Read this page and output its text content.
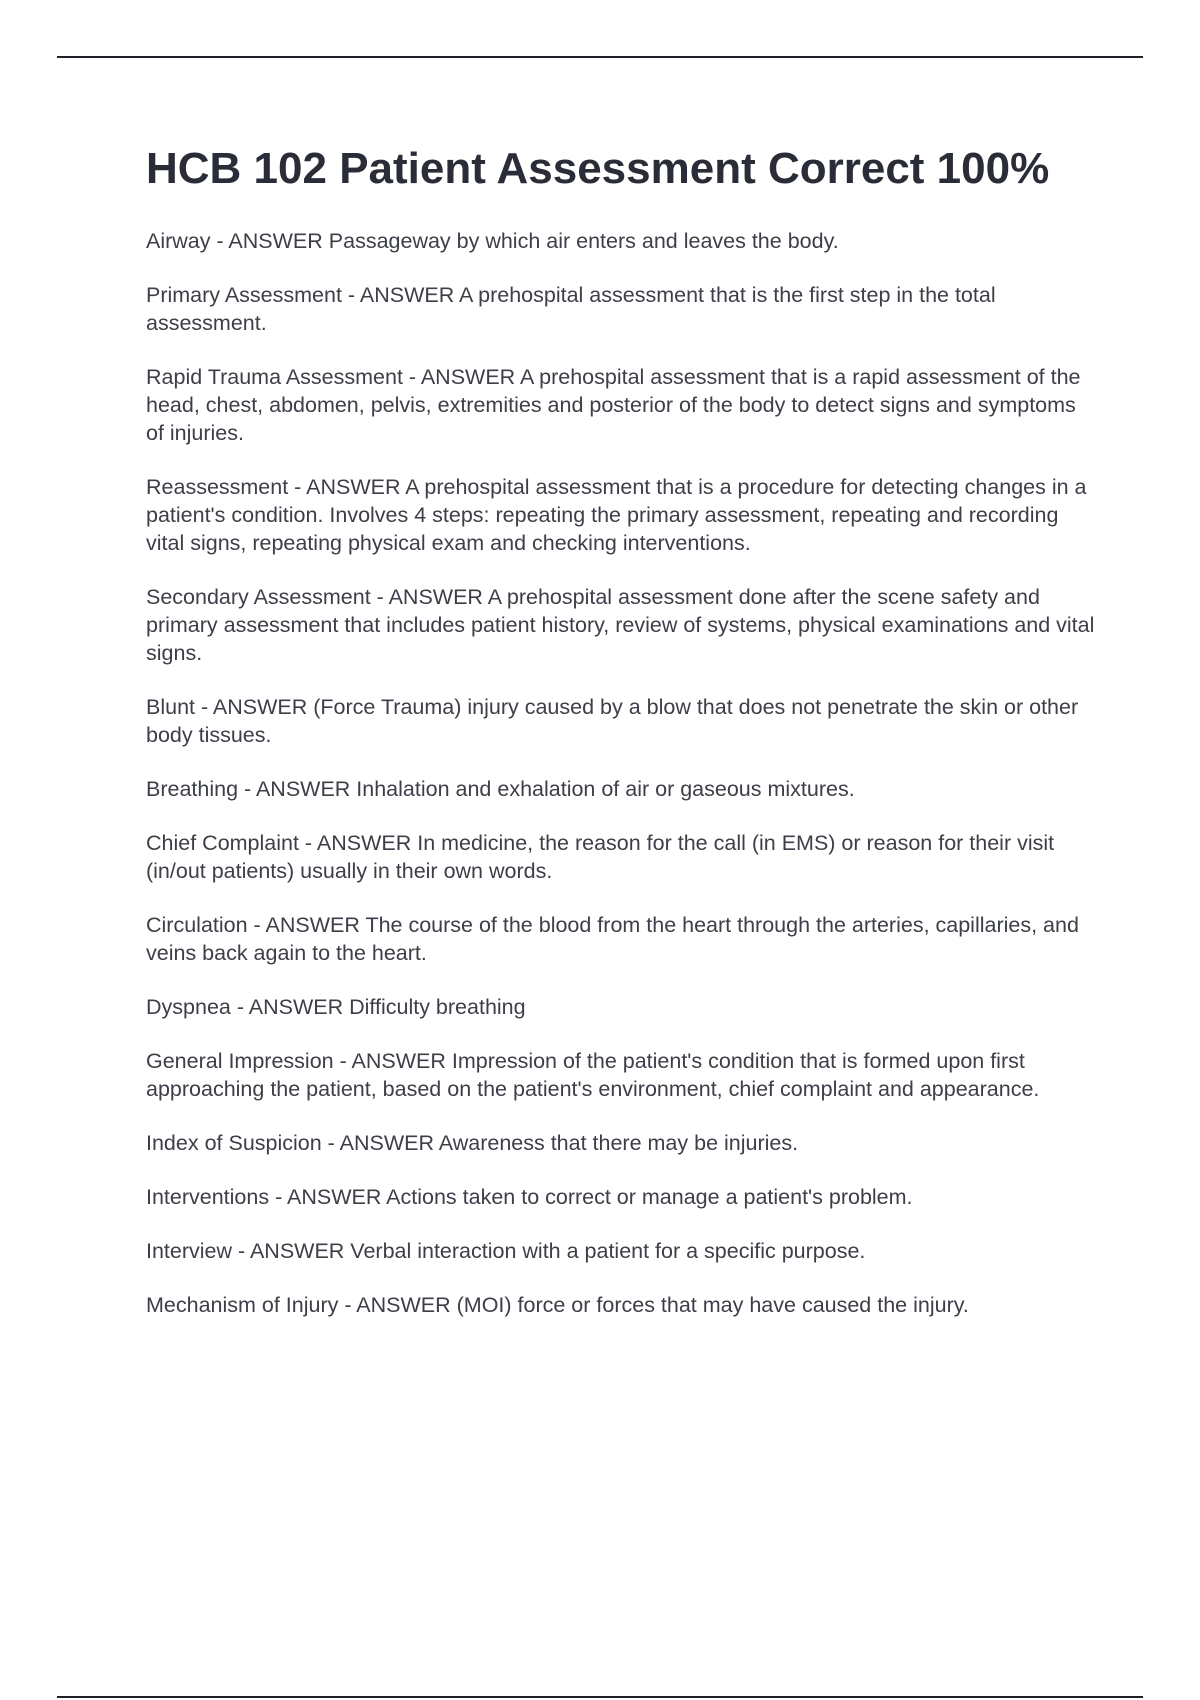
HCB 102 Patient Assessment Correct 100%

Airway - ANSWER Passageway by which air enters and leaves the body.

Primary Assessment - ANSWER A prehospital assessment that is the first step in the total assessment.

Rapid Trauma Assessment - ANSWER A prehospital assessment that is a rapid assessment of the head, chest, abdomen, pelvis, extremities and posterior of the body to detect signs and symptoms of injuries.

Reassessment - ANSWER A prehospital assessment that is a procedure for detecting changes in a patient's condition. Involves 4 steps: repeating the primary assessment, repeating and recording vital signs, repeating physical exam and checking interventions.

Secondary Assessment - ANSWER A prehospital assessment done after the scene safety and primary assessment that includes patient history, review of systems, physical examinations and vital signs.

Blunt - ANSWER (Force Trauma) injury caused by a blow that does not penetrate the skin or other body tissues.

Breathing - ANSWER Inhalation and exhalation of air or gaseous mixtures.

Chief Complaint - ANSWER In medicine, the reason for the call (in EMS) or reason for their visit (in/out patients) usually in their own words.

Circulation - ANSWER The course of the blood from the heart through the arteries, capillaries, and veins back again to the heart.

Dyspnea - ANSWER Difficulty breathing

General Impression - ANSWER Impression of the patient's condition that is formed upon first approaching the patient, based on the patient's environment, chief complaint and appearance.

Index of Suspicion - ANSWER Awareness that there may be injuries.

Interventions - ANSWER Actions taken to correct or manage a patient's problem.

Interview - ANSWER Verbal interaction with a patient for a specific purpose.

Mechanism of Injury - ANSWER (MOI) force or forces that may have caused the injury.
